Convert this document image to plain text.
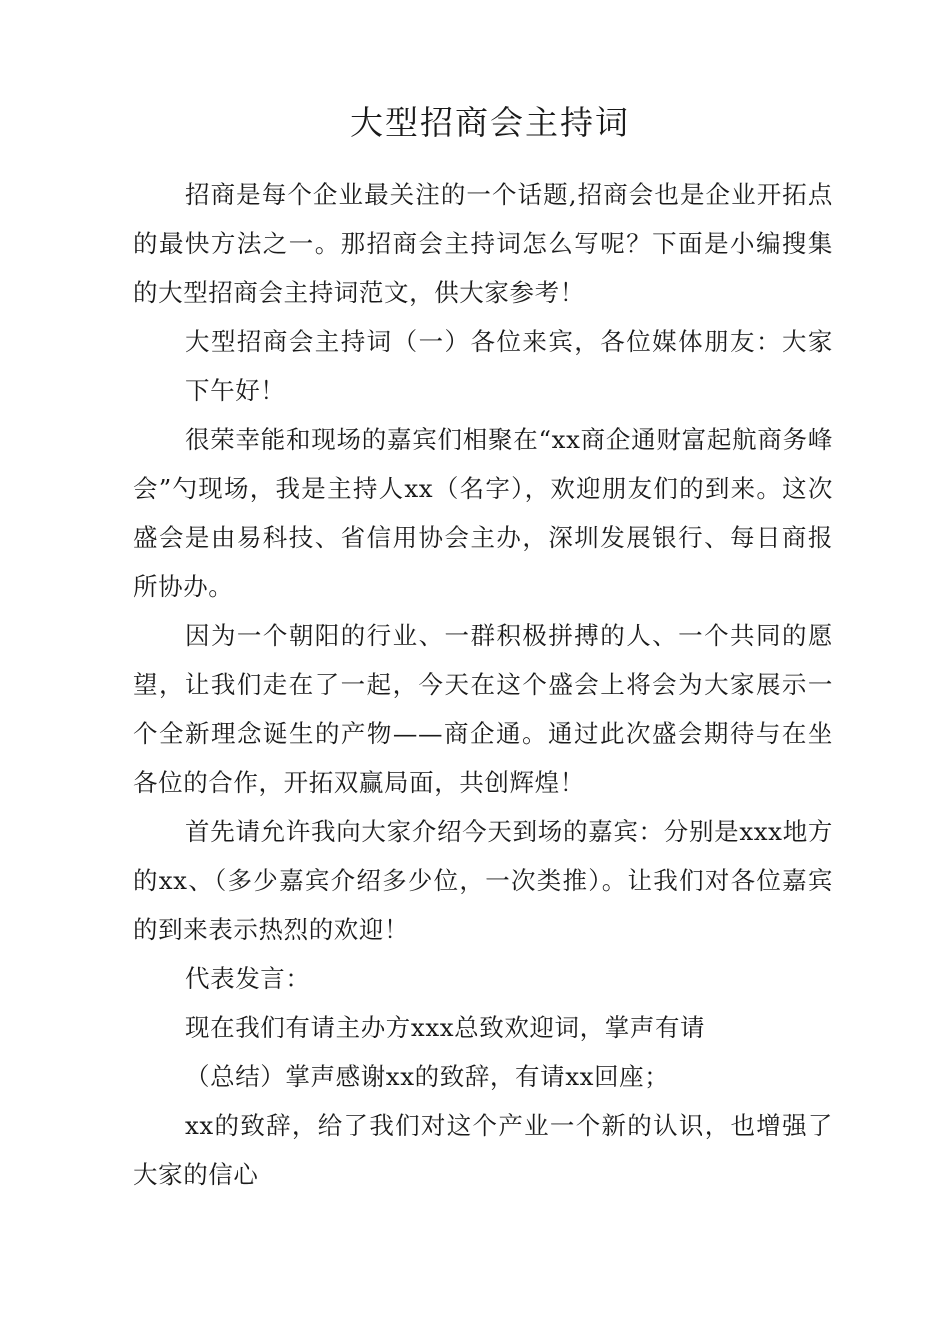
大型招商会主持词

招商是每个企业最关注的一个话题,招商会也是企业开拓点的最快方法之一。那招商会主持词怎么写呢？下面是小编搜集的大型招商会主持词范文，供大家参考！

大型招商会主持词（一）各位来宾，各位媒体朋友：大家下午好！

很荣幸能和现场的嘉宾们相聚在“xx商企通财富起航商务峰会”勺现场，我是主持人xx（名字），欢迎朋友们的到来。这次盛会是由易科技、省信用协会主办，深圳发展银行、每日商报所协办。

因为一个朝阳的行业、一群积极拼搏的人、一个共同的愿望，让我们走在了一起，今天在这个盛会上将会为大家展示一个全新理念诞生的产物——商企通。通过此次盛会期待与在坐各位的合作，开拓双赢局面，共创辉煌！

首先请允许我向大家介绍今天到场的嘉宾：分别是xxx地方的xx、（多少嘉宾介绍多少位，一次类推）。让我们对各位嘉宾的到来表示热烈的欢迎！

代表发言：

现在我们有请主办方xxx总致欢迎词，掌声有请

（总结）掌声感谢xx的致辞，有请xx回座；

xx的致辞，给了我们对这个产业一个新的认识，也增强了大家的信心
